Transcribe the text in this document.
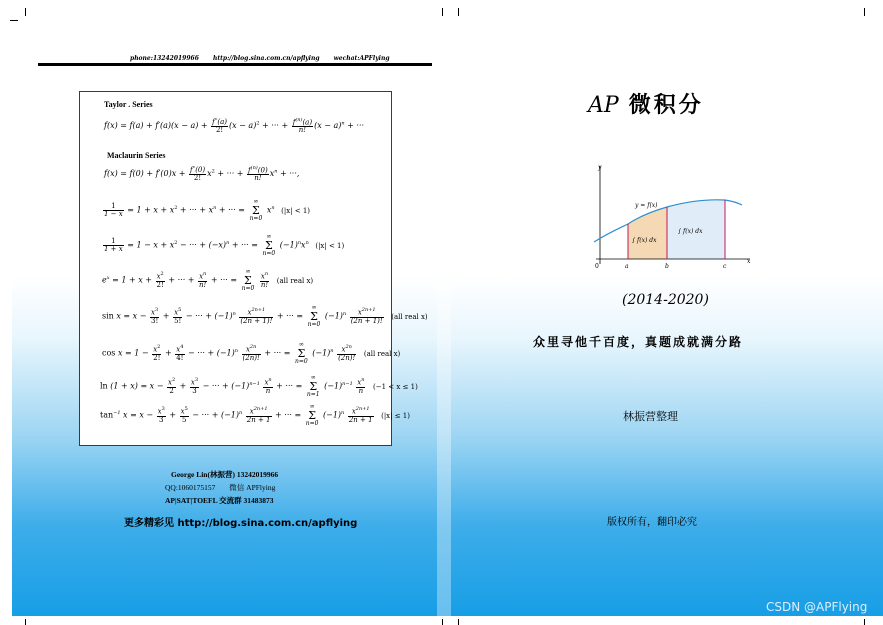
phone:13242019966 http://blog.sina.com.cn/apflying wechat:APFlying
Taylor . Series
$f(x) = f(a) + f'(a)(x - a) + \frac{f''(a)}{2!} (x - a)^2$ + ··· + $\frac{f^{(n)}(a)}{n!} (x - a)^n$ + ···
Maclaurin Series
$f(x) = f(0) + f'(0)x + \frac{f''(0)}{2!} x^2$ + ··· + $\frac{f^{(n)}(0)}{n!} x^n$ + ···,
$\frac{1}{1 - x} = 1 + x + x^2$ + ··· + $x^n$ + ··· = ∞
Σ
n=0 $x^n$ (|x| < 1)
$\frac{1}{1 + x} = 1 - x + x^2$ − ··· + $(-x)^n$ + ··· = ∞
Σ
n=0 $(-1)^nx^n$ (|x| < 1)
$e^x = 1 + x + \frac{x^2}{2!}$ + ··· + $\frac{x^n}{n!}$ + ··· = ∞
Σ
$n=0 \frac{x^n}{n!} (all$ real x)
$\sin x = x - \frac{x^3}{3!} + \frac{x^5}{5!}$ − ··· + $(-1)^n \frac{x^{2n+1}}{(2n + 1)!}$ + ··· = ∞
Σ
n=0 $(-1)^n \frac{x^{2n+1}}{(2n + 1)!} (all$ real x)
$\cos x = 1 - \frac{x^2}{2!} + \frac{x^4}{4!}$ − ··· + $(-1)^n \frac{x^{2n}}{(2n)!}$ + ··· = ∞
Σ
n=0 $(-1)^n \frac{x^{2n}}{(2n)!} (all$ real x)
$\ln (1 + x) = x - \frac{x^2}{2} + \frac{x^3}{3}$ − ··· + $(-1)^{n-1} \frac{x^n}{n}$ + ··· = ∞
Σ
n=1 $(-1)^{n-1} \frac{x^n}{n} (-1 < x \le 1)$
$\tan^{-1} x = x - \frac{x^3}{3} + \frac{x^5}{5}$ − ··· + $(-1)^n \frac{x^{2n+1}}{2n + 1}$ + ··· = ∞
Σ
n=0 $(-1)^n \frac{x^{2n+1}}{2n + 1} (|x| \le 1)$
George Lin(林振营) 13242019966
QQ:1060175157 微信 APFlying
AP|SAT|TOEFL 交流群 31483873
更多精彩见 http://blog.sina.com.cn/apflying
AP 微积分
y
x
0	a	b	c
y = f(x)
∫ f(x) dx
∫ f(x) dx
(2014-2020)
众里寻他千百度，真题成就满分路
林振营整理
版权所有，翻印必究
CSDN @APFlying
